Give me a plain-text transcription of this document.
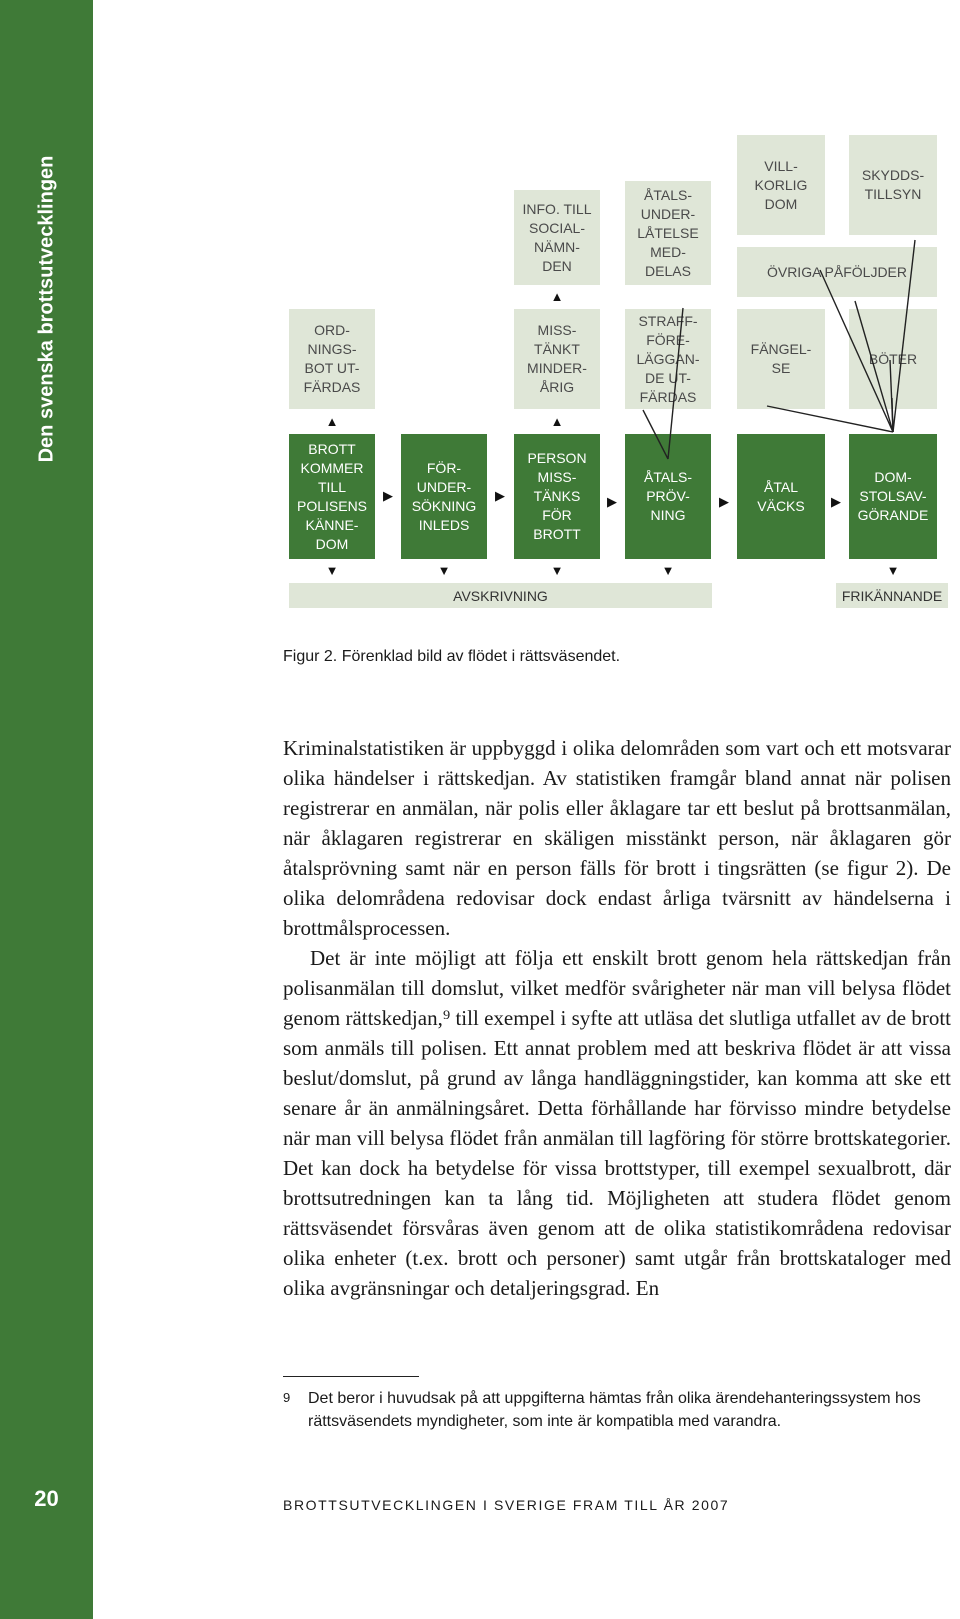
Den svenska brottsutvecklingen
20
INFO. TILL
SOCIAL-
NÄMN-
DEN
ÅTALS-
UNDER-
LÅTELSE
MED-
DELAS
VILL-
KORLIG
DOM
SKYDDS-
TILLSYN
ÖVRIGA PÅFÖLJDER
ORD-
NINGS-
BOT UT-
FÄRDAS
MISS-
TÄNKT
MINDER-
ÅRIG
STRAFF-
FÖRE-
LÄGGAN-
DE UT-
FÄRDAS
FÄNGEL-
SE
BÖTER
BROTT
KOMMER
TILL
POLISENS
KÄNNE-
DOM
FÖR-
UNDER-
SÖKNING
INLEDS
PERSON
MISS-
TÄNKS
FÖR
BROTT
ÅTALS-
PRÖV-
NING
ÅTAL
VÄCKS
DOM-
STOLSAV-
GÖRANDE
AVSKRIVNING	FRIKÄNNANDE
▲	▲
▲
▶	▶	▶	▶	▶
▼	▼	▼	▼	▼
Figur 2. Förenklad bild av flödet i rättsväsendet.

Kriminalstatistiken är uppbyggd i olika delområden som vart och ett motsvarar olika händelser i rättskedjan. Av statistiken framgår bland annat när polisen registrerar en anmälan, när polis eller åklagare tar ett beslut på brottsanmälan, när åklagaren registrerar en skäligen misstänkt person, när åklagaren gör åtalsprövning samt när en person fälls för brott i tingsrätten (se figur 2). De olika delområdena redovisar dock endast årliga tvärsnitt av händelserna i brottmålsprocessen.

Det är inte möjligt att följa ett enskilt brott genom hela rättskedjan från polisanmälan till domslut, vilket medför svårigheter när man vill belysa flödet genom rättskedjan,⁹ till exempel i syfte att utläsa det slutliga utfallet av de brott som anmäls till polisen. Ett annat problem med att beskriva flödet är att vissa beslut/domslut, på grund av långa handläggningstider, kan komma att ske ett senare år än anmälningsåret. Detta förhållande har förvisso mindre betydelse när man vill belysa flödet från anmälan till lagföring för större brottskategorier. Det kan dock ha betydelse för vissa brottstyper, till exempel sexualbrott, där brottsutredningen kan ta lång tid. Möjligheten att studera flödet genom rättsväsendet försvåras även genom att de olika statistikområdena redovisar olika enheter (t.ex. brott och personer) samt utgår från brottskataloger med olika avgränsningar och detaljeringsgrad. En

9 Det beror i huvudsak på att uppgifterna hämtas från olika ärendehanteringssystem hos rättsväsendets myndigheter, som inte är kompatibla med varandra.
BROTTSUTVECKLINGEN I SVERIGE FRAM TILL ÅR 2007
